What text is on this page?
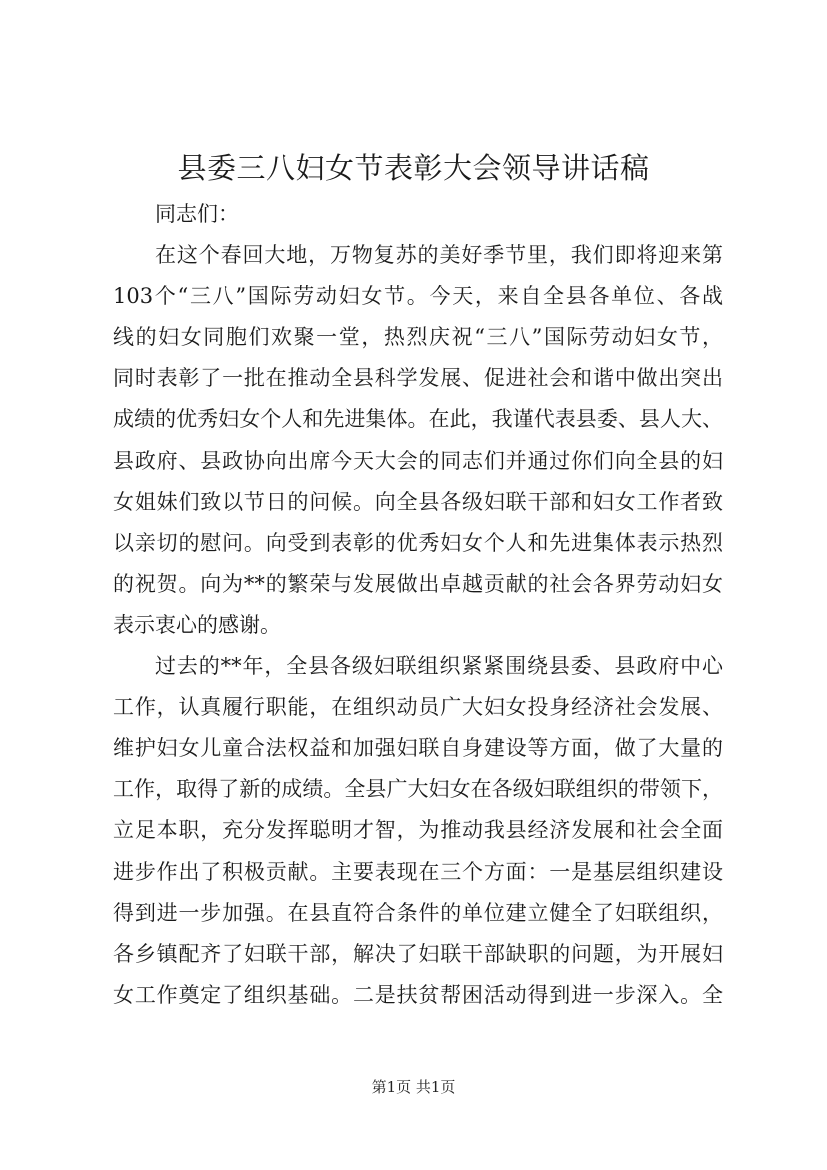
县委三八妇女节表彰大会领导讲话稿
同志们：
在这个春回大地，万物复苏的美好季节里，我们即将迎来第
103个“三八”国际劳动妇女节。今天，来自全县各单位、各战
线的妇女同胞们欢聚一堂，热烈庆祝“三八”国际劳动妇女节，
同时表彰了一批在推动全县科学发展、促进社会和谐中做出突出
成绩的优秀妇女个人和先进集体。在此，我谨代表县委、县人大、
县政府、县政协向出席今天大会的同志们并通过你们向全县的妇
女姐妹们致以节日的问候。向全县各级妇联干部和妇女工作者致
以亲切的慰问。向受到表彰的优秀妇女个人和先进集体表示热烈
的祝贺。向为**的繁荣与发展做出卓越贡献的社会各界劳动妇女
表示衷心的感谢。
过去的**年，全县各级妇联组织紧紧围绕县委、县政府中心
工作，认真履行职能，在组织动员广大妇女投身经济社会发展、
维护妇女儿童合法权益和加强妇联自身建设等方面，做了大量的
工作，取得了新的成绩。全县广大妇女在各级妇联组织的带领下，
立足本职，充分发挥聪明才智，为推动我县经济发展和社会全面
进步作出了积极贡献。主要表现在三个方面：一是基层组织建设
得到进一步加强。在县直符合条件的单位建立健全了妇联组织，
各乡镇配齐了妇联干部，解决了妇联干部缺职的问题，为开展妇
女工作奠定了组织基础。二是扶贫帮困活动得到进一步深入。全
第1页 共1页
